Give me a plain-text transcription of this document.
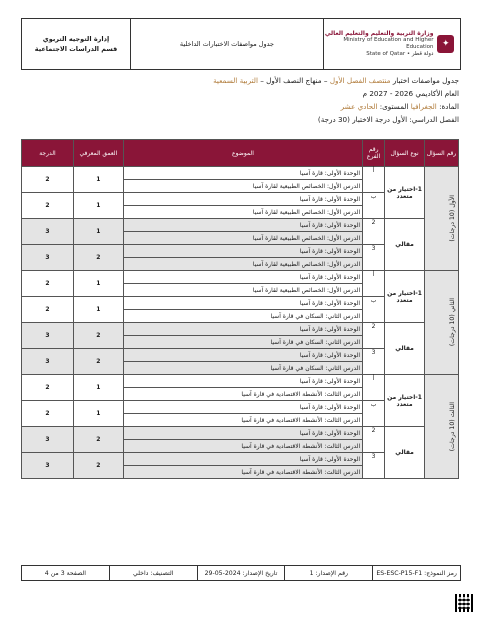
إدارة التوجيه التربوي
قسم الدراسات الاجتماعية
جدول مواصفات الاختبارات الداخلية
وزارة التربية والتعليم والتعليم العالي
Ministry of Education and Higher Education
State of Qatar • دولة قطر
✦
جدول مواصفات اختبار منتصف الفصل الأول – منهاج النصف الأول – التربية السمعية
العام الأكاديمي 2026 - 2027 م
المادة: الجغرافيا المستوى: الحادي عشر
الفصل الدراسي: الأول درجة الاختبار (30 درجة)
رقم السؤال	نوع السؤال	رقم الفرع	الموضوع	العمق المعرفي	الدرجة

الأول (10 درجات)	1-اختيار من متعدد	أ	الوحدة الأولى: قارة آسيا	1	2
			الدرس الأول: الخصائص الطبيعية لقارة آسيا		
		ب	الوحدة الأولى: قارة آسيا	1	2
			الدرس الأول: الخصائص الطبيعية لقارة آسيا		
	مقالي	2	الوحدة الأولى: قارة آسيا	1	3
			الدرس الأول: الخصائص الطبيعية لقارة آسيا		
		3	الوحدة الأولى: قارة آسيا	2	3
			الدرس الأول: الخصائص الطبيعية لقارة آسيا		

الثاني (10 درجات)	1-اختيار من متعدد	أ	الوحدة الأولى: قارة آسيا	1	2
			الدرس الأول: الخصائص الطبيعية لقارة آسيا		
		ب	الوحدة الأولى: قارة آسيا	1	2
			الدرس الثاني: السكان في قارة آسيا		
	مقالي	2	الوحدة الأولى: قارة آسيا	2	3
			الدرس الثاني: السكان في قارة آسيا		
		3	الوحدة الأولى: قارة آسيا	2	3
			الدرس الثاني: السكان في قارة آسيا		

الثالث (10 درجات)	1-اختيار من متعدد	أ	الوحدة الأولى: قارة آسيا	1	2
			الدرس الثالث: الأنشطة الاقتصادية في قارة آسيا		
		ب	الوحدة الأولى: قارة آسيا	1	2
			الدرس الثالث: الأنشطة الاقتصادية في قارة آسيا		
	مقالي	2	الوحدة الأولى: قارة آسيا	2	3
			الدرس الثالث: الأنشطة الاقتصادية في قارة آسيا		
		3	الوحدة الأولى: قارة آسيا	2	3
			الدرس الثالث: الأنشطة الاقتصادية في قارة آسيا		
رمز النموذج: ES-ESC-P15-F1
رقم الإصدار: 1
تاريخ الإصدار: 2024-05-29
التصنيف: داخلي
الصفحة 3 من 4
